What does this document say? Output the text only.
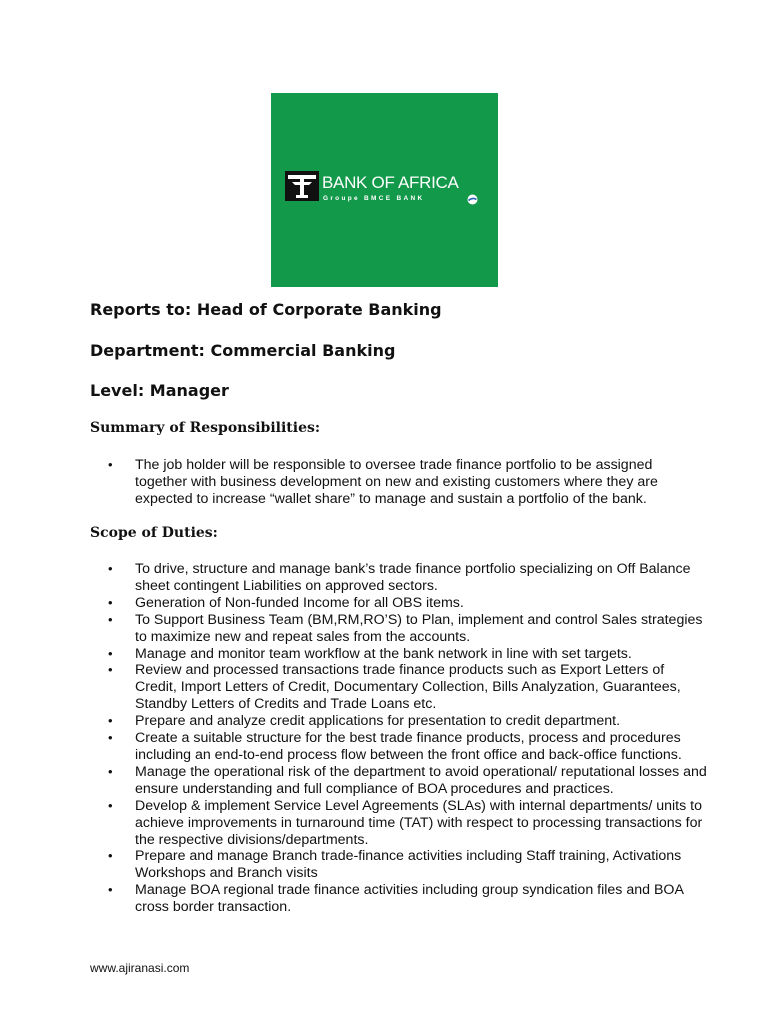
BANK OF AFRICA
Groupe BMCE BANK
Reports to: Head of Corporate Banking
Department: Commercial Banking
Level: Manager
Summary of Responsibilities:
• The job holder will be responsible to oversee trade finance portfolio to be assigned together with business development on new and existing customers where they are expected to increase “wallet share” to manage and sustain a portfolio of the bank.
Scope of Duties:
• To drive, structure and manage bank’s trade finance portfolio specializing on Off Balance sheet contingent Liabilities on approved sectors.
• Generation of Non-funded Income for all OBS items.
• To Support Business Team (BM,RM,RO’S) to Plan, implement and control Sales strategies to maximize new and repeat sales from the accounts.
• Manage and monitor team workflow at the bank network in line with set targets.
• Review and processed transactions trade finance products such as Export Letters of Credit, Import Letters of Credit, Documentary Collection, Bills Analyzation, Guarantees, Standby Letters of Credits and Trade Loans etc.
• Prepare and analyze credit applications for presentation to credit department.
• Create a suitable structure for the best trade finance products, process and procedures including an end-to-end process flow between the front office and back-office functions.
• Manage the operational risk of the department to avoid operational/ reputational losses and ensure understanding and full compliance of BOA procedures and practices.
• Develop & implement Service Level Agreements (SLAs) with internal departments/ units to achieve improvements in turnaround time (TAT) with respect to processing transactions for the respective divisions/departments.
• Prepare and manage Branch trade-finance activities including Staff training, Activations Workshops and Branch visits
• Manage BOA regional trade finance activities including group syndication files and BOA cross border transaction.
www.ajiranasi.com
